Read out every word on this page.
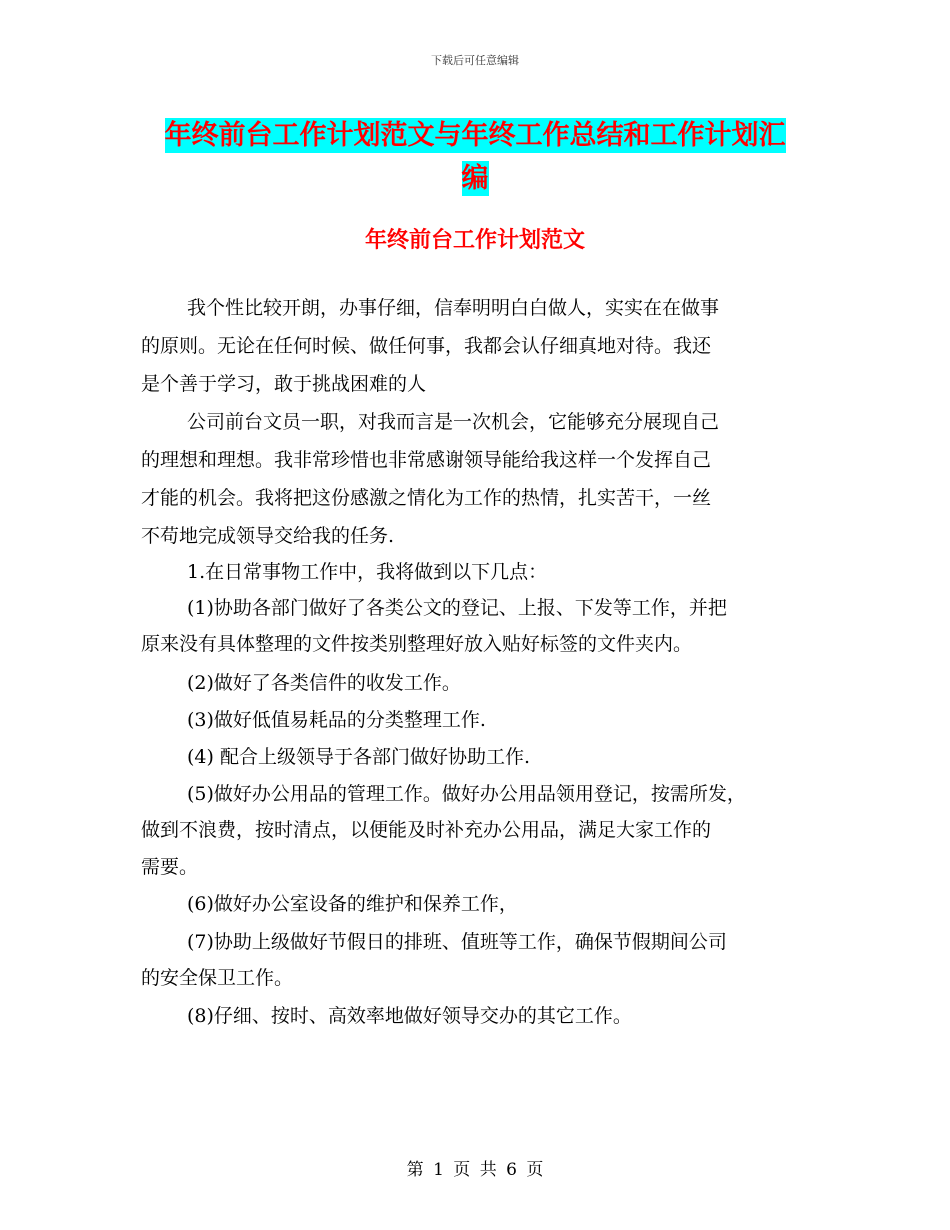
下载后可任意编辑
年终前台工作计划范文与年终工作总结和工作计划汇
编
年终前台工作计划范文
我个性比较开朗，办事仔细，信奉明明白白做人，实实在在做事
的原则。无论在任何时候、做任何事，我都会认仔细真地对待。我还
是个善于学习，敢于挑战困难的人
公司前台文员一职，对我而言是一次机会，它能够充分展现自己
的理想和理想。我非常珍惜也非常感谢领导能给我这样一个发挥自己
才能的机会。我将把这份感激之情化为工作的热情，扎实苦干，一丝
不苟地完成领导交给我的任务.
1.在日常事物工作中，我将做到以下几点：
(1)协助各部门做好了各类公文的登记、上报、下发等工作，并把
原来没有具体整理的文件按类别整理好放入贴好标签的文件夹内。
(2)做好了各类信件的收发工作。
(3)做好低值易耗品的分类整理工作.
(4) 配合上级领导于各部门做好协助工作.
(5)做好办公用品的管理工作。做好办公用品领用登记，按需所发，
做到不浪费，按时清点，以便能及时补充办公用品，满足大家工作的
需要。
(6)做好办公室设备的维护和保养工作，
(7)协助上级做好节假日的排班、值班等工作，确保节假期间公司
的安全保卫工作。
(8)仔细、按时、高效率地做好领导交办的其它工作。
第 1 页 共 6 页
